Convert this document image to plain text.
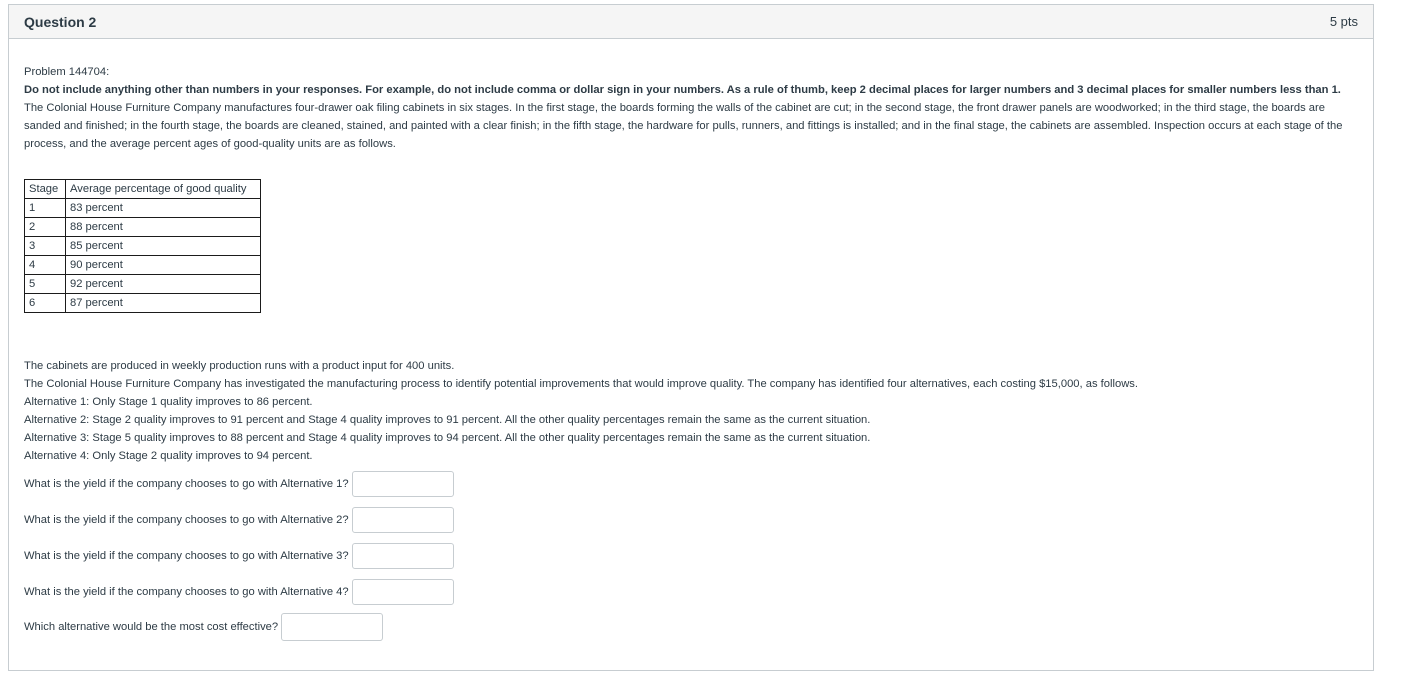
Question 2	5 pts

Problem 144704:

Do not include anything other than numbers in your responses. For example, do not include comma or dollar sign in your numbers. As a rule of thumb, keep 2 decimal places for larger numbers and 3 decimal places for smaller numbers less than 1.

The Colonial House Furniture Company manufactures four-drawer oak filing cabinets in six stages. In the first stage, the boards forming the walls of the cabinet are cut; in the second stage, the front drawer panels are woodworked; in the third stage, the boards are sanded and finished; in the fourth stage, the boards are cleaned, stained, and painted with a clear finish; in the fifth stage, the hardware for pulls, runners, and fittings is installed; and in the final stage, the cabinets are assembled. Inspection occurs at each stage of the process, and the average percent ages of good-quality units are as follows.

Stage	Average percentage of good quality
1	83 percent
2	88 percent
3	85 percent
4	90 percent
5	92 percent
6	87 percent

The cabinets are produced in weekly production runs with a product input for 400 units.

The Colonial House Furniture Company has investigated the manufacturing process to identify potential improvements that would improve quality. The company has identified four alternatives, each costing $15,000, as follows.

Alternative 1: Only Stage 1 quality improves to 86 percent.

Alternative 2: Stage 2 quality improves to 91 percent and Stage 4 quality improves to 91 percent. All the other quality percentages remain the same as the current situation.

Alternative 3: Stage 5 quality improves to 88 percent and Stage 4 quality improves to 94 percent. All the other quality percentages remain the same as the current situation.

Alternative 4: Only Stage 2 quality improves to 94 percent.

What is the yield if the company chooses to go with Alternative 1?
What is the yield if the company chooses to go with Alternative 2?
What is the yield if the company chooses to go with Alternative 3?
What is the yield if the company chooses to go with Alternative 4?
Which alternative would be the most cost effective?
